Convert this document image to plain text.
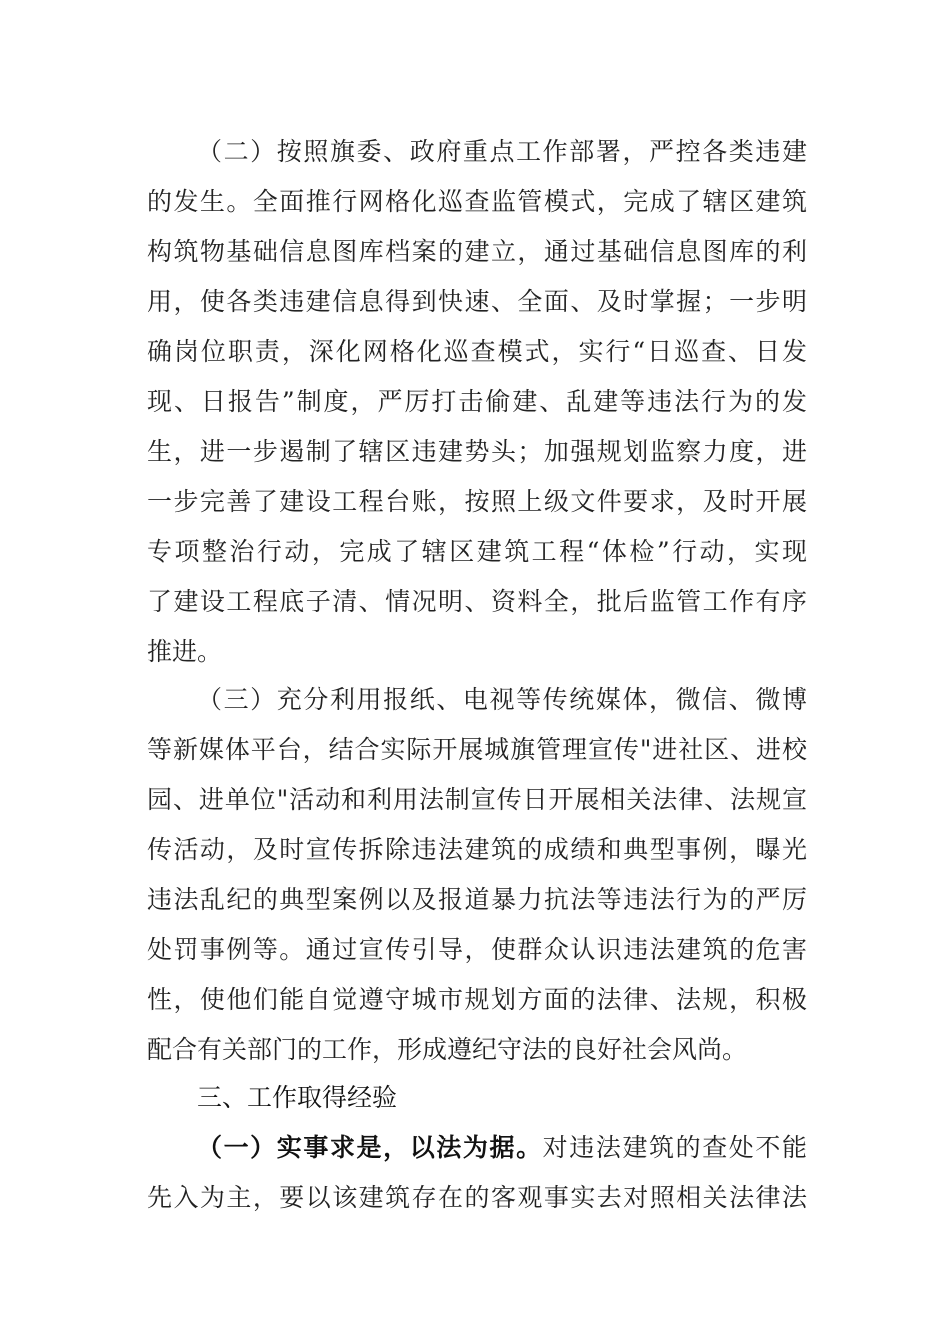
（二）按照旗委、政府重点工作部署，严控各类违建
的发生。全面推行网格化巡查监管模式，完成了辖区建筑
构筑物基础信息图库档案的建立，通过基础信息图库的利
用，使各类违建信息得到快速、全面、及时掌握；一步明
确岗位职责，深化网格化巡查模式，实行“日巡查、日发
现、日报告”制度，严厉打击偷建、乱建等违法行为的发
生，进一步遏制了辖区违建势头；加强规划监察力度，进
一步完善了建设工程台账，按照上级文件要求，及时开展
专项整治行动，完成了辖区建筑工程“体检”行动，实现
了建设工程底子清、情况明、资料全，批后监管工作有序
推进。
（三）充分利用报纸、电视等传统媒体，微信、微博
等新媒体平台，结合实际开展城旗管理宣传"进社区、进校
园、进单位"活动和利用法制宣传日开展相关法律、法规宣
传活动，及时宣传拆除违法建筑的成绩和典型事例，曝光
违法乱纪的典型案例以及报道暴力抗法等违法行为的严厉
处罚事例等。通过宣传引导，使群众认识违法建筑的危害
性，使他们能自觉遵守城市规划方面的法律、法规，积极
配合有关部门的工作，形成遵纪守法的良好社会风尚。
三、工作取得经验
（一）实事求是，以法为据。对违法建筑的查处不能
先入为主，要以该建筑存在的客观事实去对照相关法律法
